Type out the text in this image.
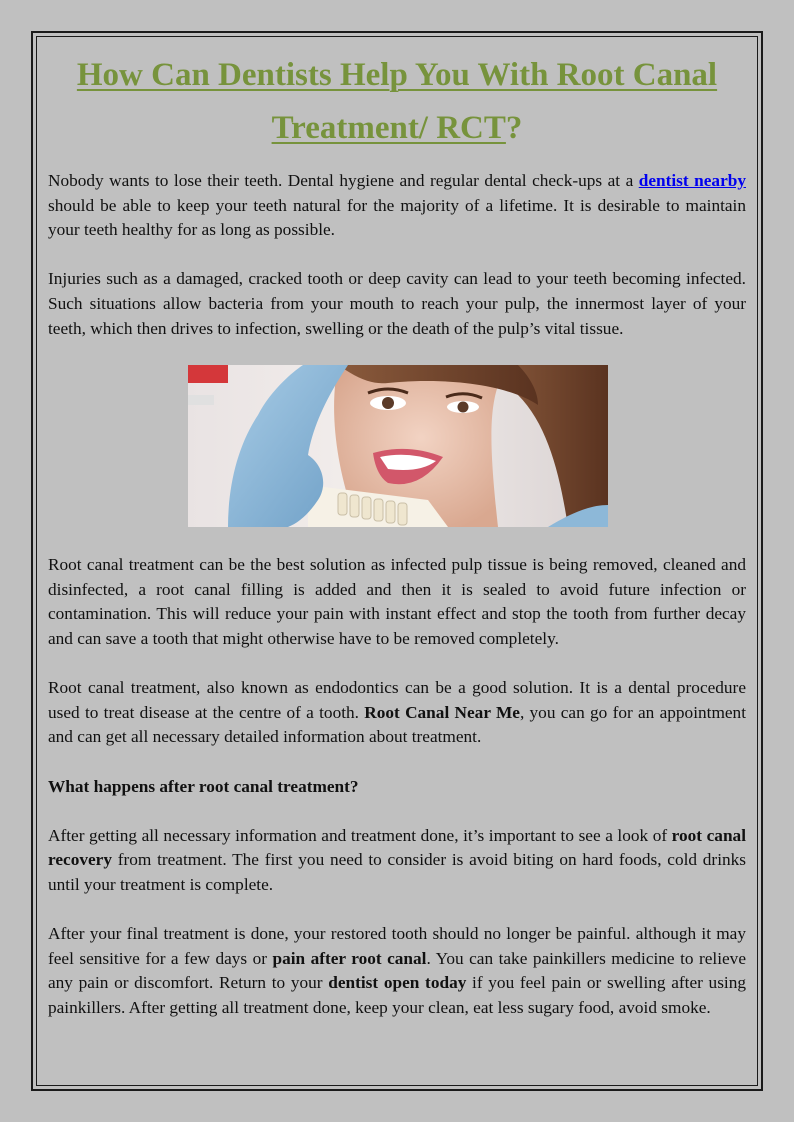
How Can Dentists Help You With Root Canal
Treatment/ RCT?

Nobody wants to lose their teeth. Dental hygiene and regular dental check-ups at a dentist nearby should be able to keep your teeth natural for the majority of a lifetime. It is desirable to maintain your teeth healthy for as long as possible.

Injuries such as a damaged, cracked tooth or deep cavity can lead to your teeth becoming infected. Such situations allow bacteria from your mouth to reach your pulp, the innermost layer of your teeth, which then drives to infection, swelling or the death of the pulp’s vital tissue.

Root canal treatment can be the best solution as infected pulp tissue is being removed, cleaned and disinfected, a root canal filling is added and then it is sealed to avoid future infection or contamination. This will reduce your pain with instant effect and stop the tooth from further decay and can save a tooth that might otherwise have to be removed completely.

Root canal treatment, also known as endodontics can be a good solution. It is a dental procedure used to treat disease at the centre of a tooth. Root Canal Near Me, you can go for an appointment and can get all necessary detailed information about treatment.

What happens after root canal treatment?

After getting all necessary information and treatment done, it’s important to see a look of root canal recovery from treatment. The first you need to consider is avoid biting on hard foods, cold drinks until your treatment is complete.

After your final treatment is done, your restored tooth should no longer be painful. although it may feel sensitive for a few days or pain after root canal. You can take painkillers medicine to relieve any pain or discomfort. Return to your dentist open today if you feel pain or swelling after using painkillers. After getting all treatment done, keep your clean, eat less sugary food, avoid smoke.
